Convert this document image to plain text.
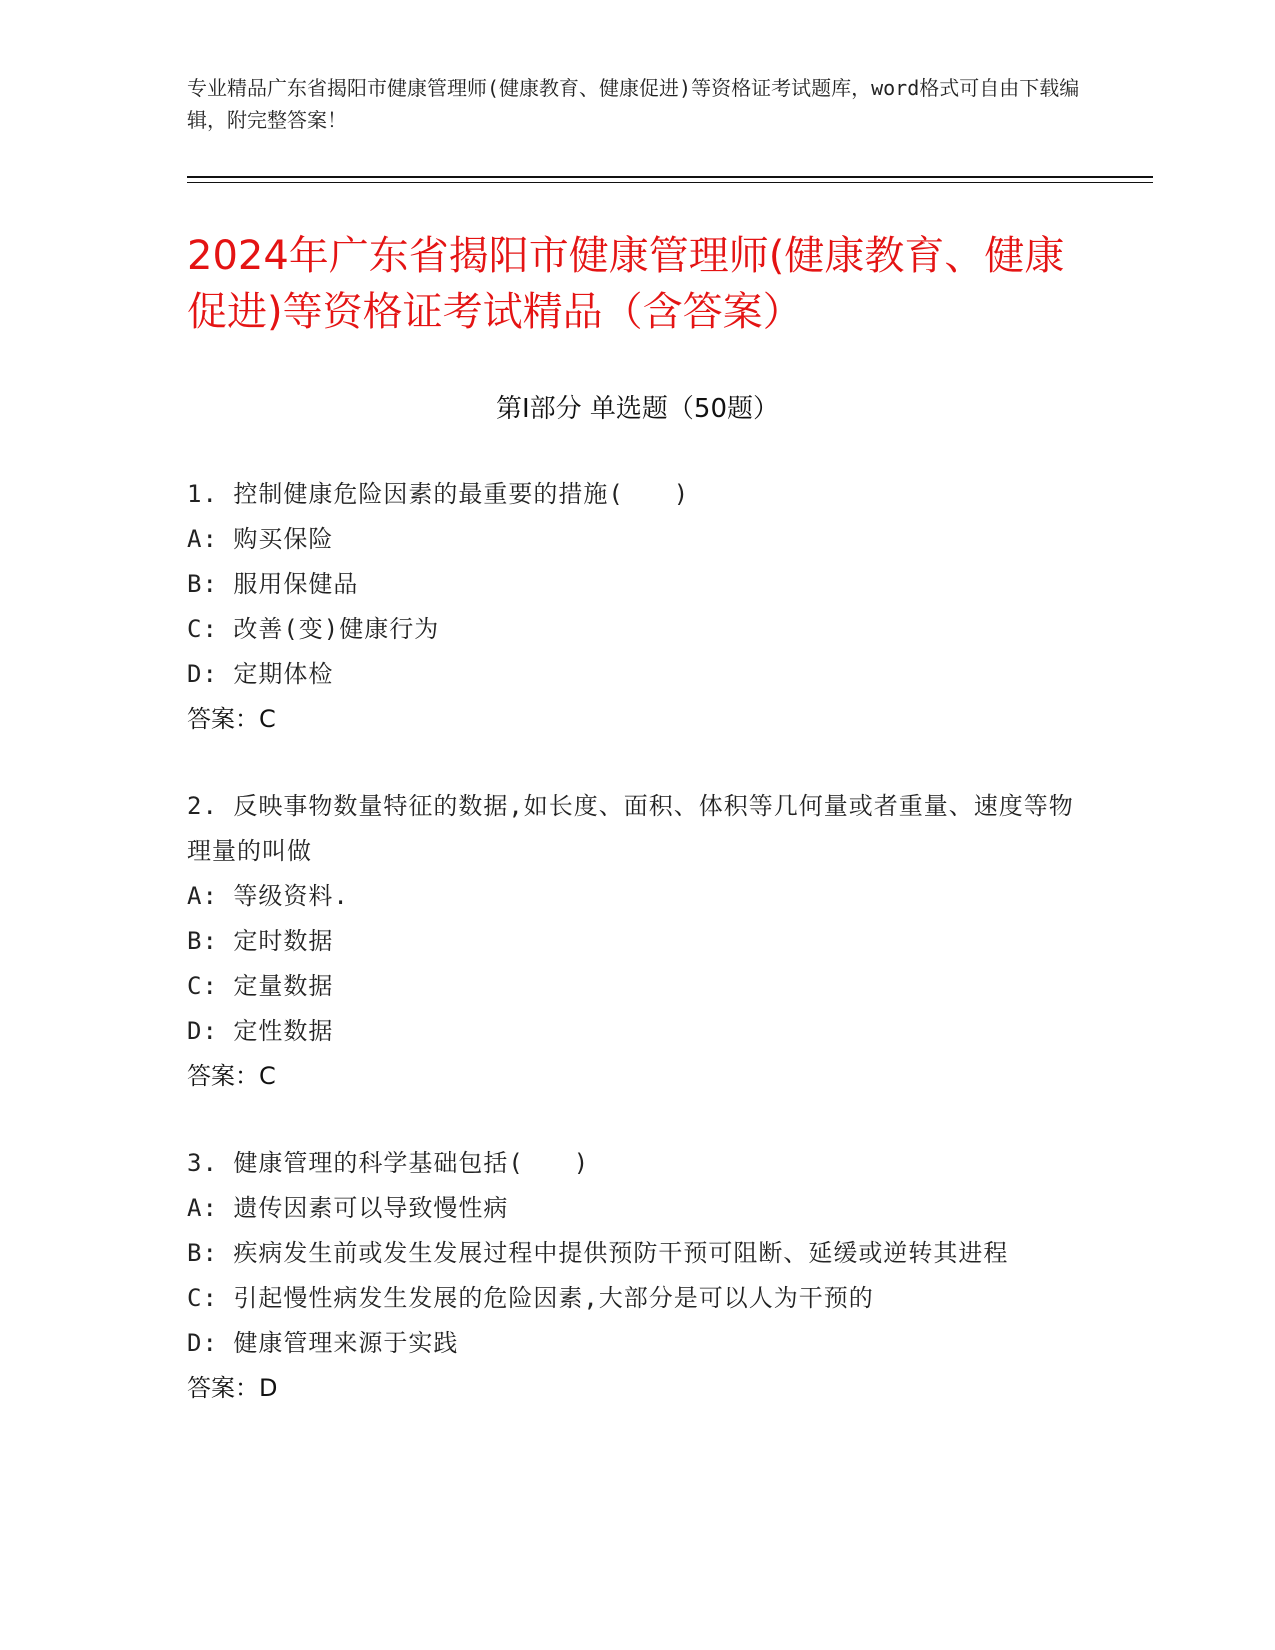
专业精品广东省揭阳市健康管理师(健康教育、健康促进)等资格证考试题库，word格式可自由下载编辑，附完整答案！
2024年广东省揭阳市健康管理师(健康教育、健康促进)等资格证考试精品（含答案）
第Ⅰ部分 单选题（50题）
1. 控制健康危险因素的最重要的措施(　　)
A: 购买保险
B: 服用保健品
C: 改善(变)健康行为
D: 定期体检
答案：C
2. 反映事物数量特征的数据,如长度、面积、体积等几何量或者重量、速度等物理量的叫做
A: 等级资料.
B: 定时数据
C: 定量数据
D: 定性数据
答案：C
3. 健康管理的科学基础包括(　　)
A: 遗传因素可以导致慢性病
B: 疾病发生前或发生发展过程中提供预防干预可阻断、延缓或逆转其进程
C: 引起慢性病发生发展的危险因素,大部分是可以人为干预的
D: 健康管理来源于实践
答案：D
